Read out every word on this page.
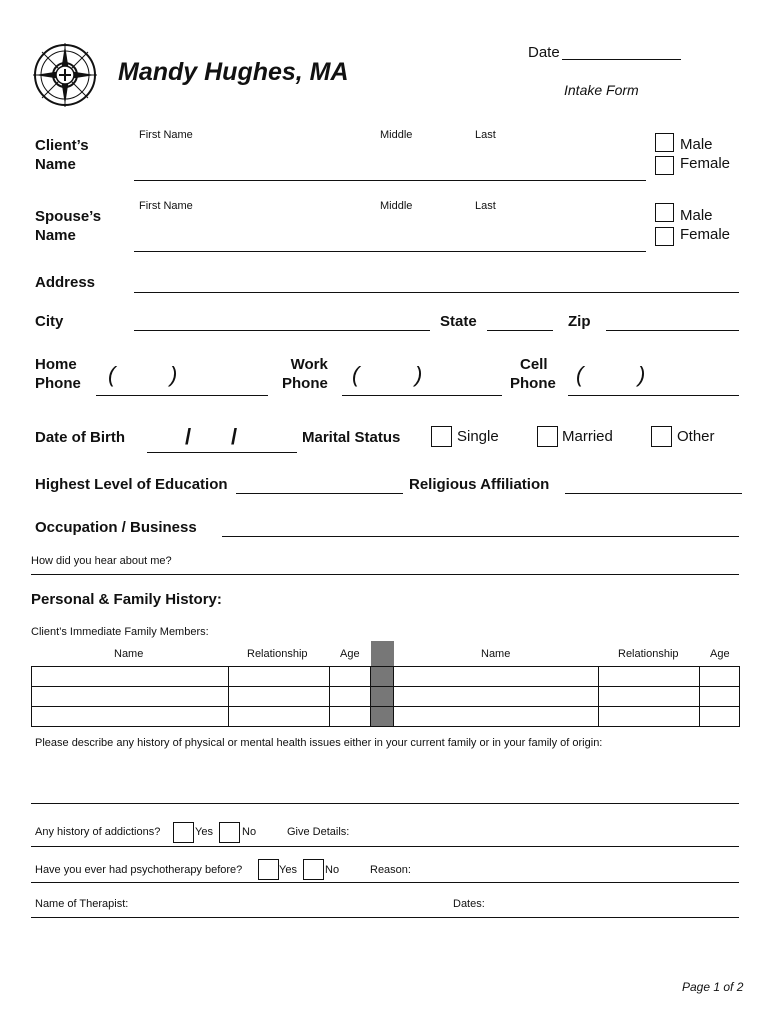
Mandy Hughes, MA
Date
Intake Form
Client’s
Name
First Name	Middle	Last
Male
Female
Spouse’s
Name
First Name	Middle	Last
Male
Female
Address
City	State	Zip
Home
Phone ( )	Work
Phone (	)	Cell
Phone ( )
Date of Birth	/ /	Marital Status	Single	Married	Other
Highest Level of Education	Religious Affiliation
Occupation / Business
How did you hear about me?
Personal & Family History:
Client’s Immediate Family Members:
Name	Relationship	Age	Name	Relationship	Age

Please describe any history of physical or mental health issues either in your current family or in your family of origin:
Any history of addictions?	Yes	No	Give Details:
Have you ever had psychotherapy before?	Yes	No	Reason:
Name of Therapist:	Dates:
Page 1 of 2
